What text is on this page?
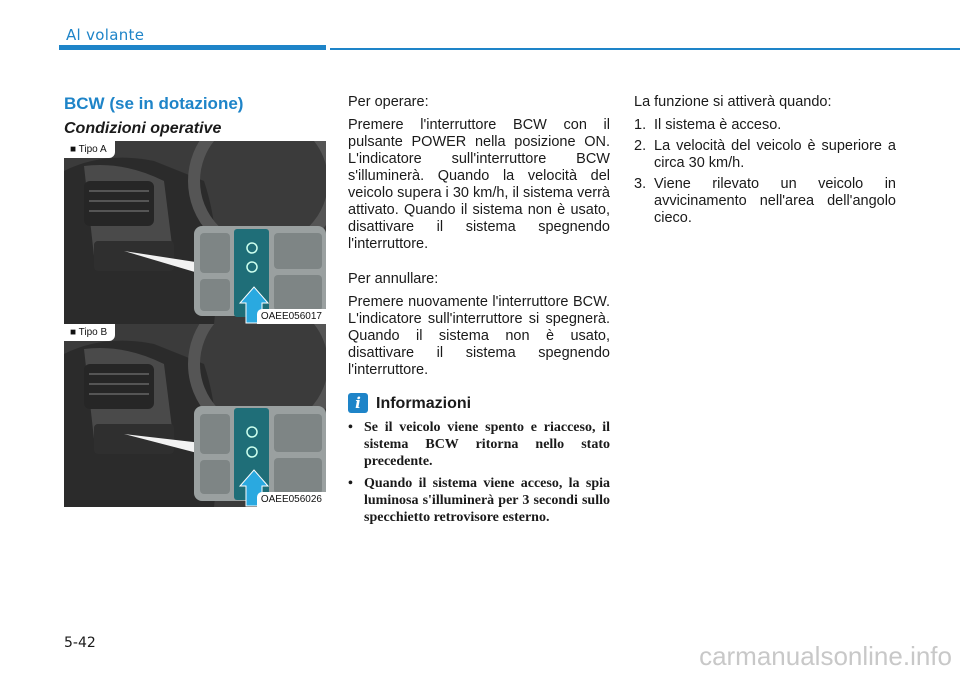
Al volante
BCW (se in dotazione)
Condizioni operative
■ Tipo A
OAEE056017
■ Tipo B
OAEE056026

Per operare:

Premere l'interruttore BCW con il pulsante POWER nella posizione ON. L'indicatore sull'interruttore BCW s'illuminerà. Quando la velocità del veicolo supera i 30 km/h, il sistema verrà attivato. Quando il sistema non è usato, disattivare il sistema spegnendo l'interruttore.

Per annullare:

Premere nuovamente l'interruttore BCW. L'indicatore sull'interruttore si spegnerà. Quando il sistema non è usato, disattivare il sistema spegnendo l'interruttore.

i Informazioni
• Se il veicolo viene spento e riacceso, il sistema BCW ritorna nello stato precedente.
• Quando il sistema viene acceso, la spia luminosa s'illuminerà per 3 secondi sullo specchietto retrovisore esterno.

La funzione si attiverà quando:

1. Il sistema è acceso.
2. La velocità del veicolo è superiore a circa 30 km/h.
3. Viene rilevato un veicolo in avvicinamento nell'area dell'angolo cieco.
5-42	carmanualsonline.info
